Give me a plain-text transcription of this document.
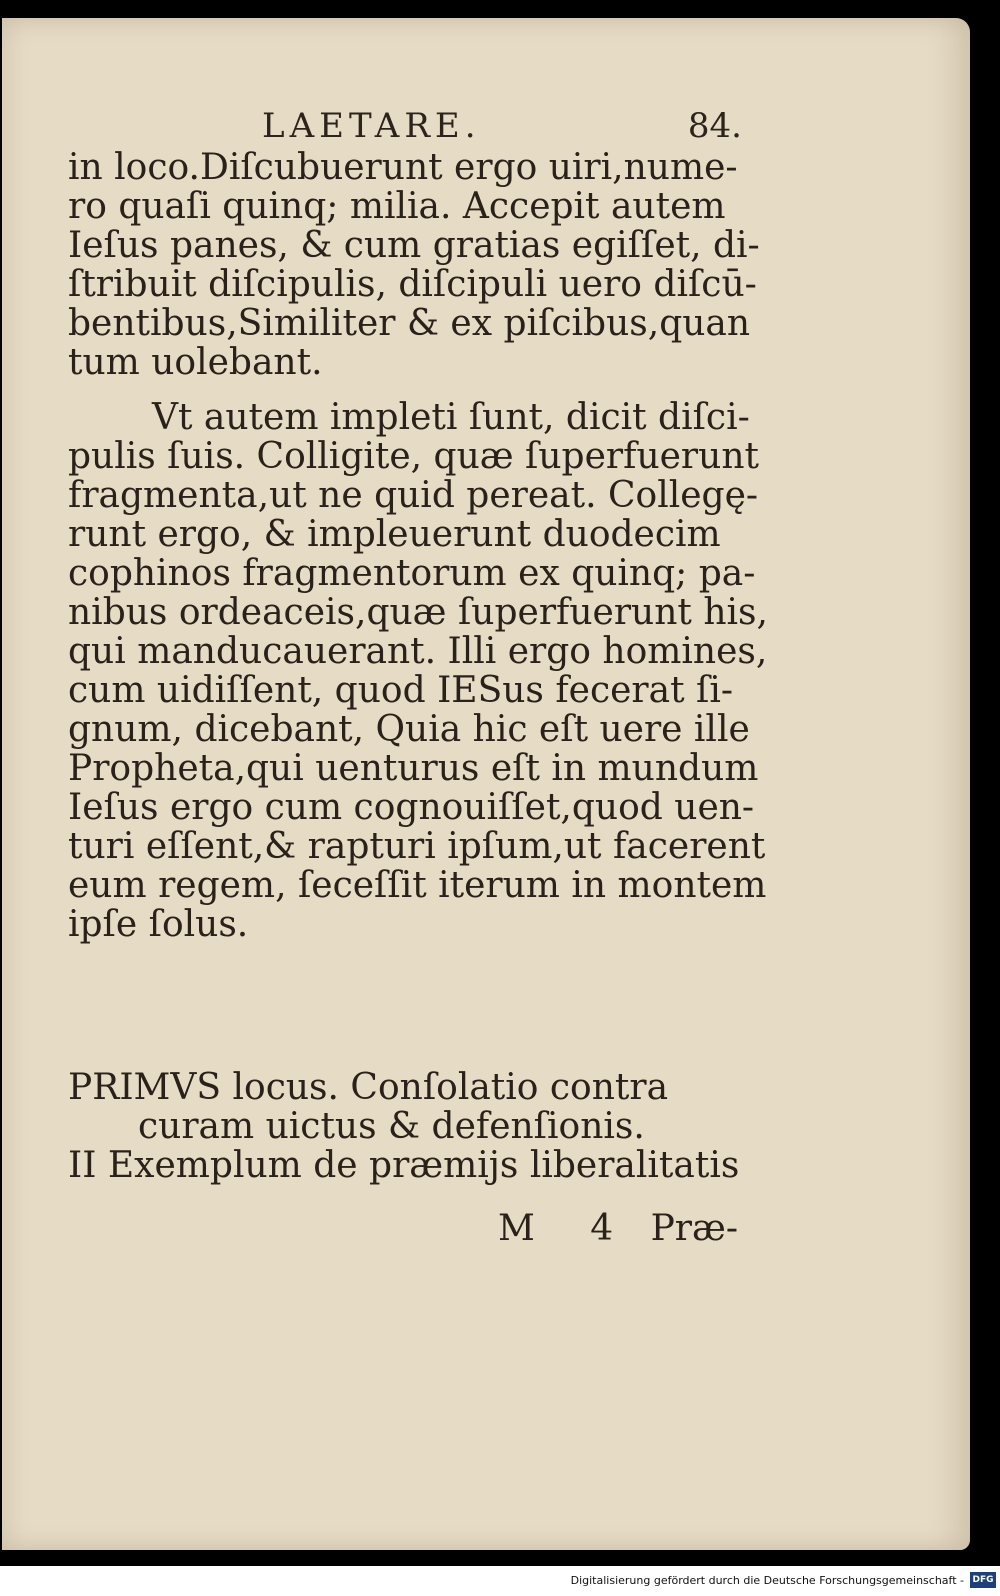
LAETARE.	84.
in loco.Diſcubuerunt ergo uiri,nume-
ro quaſi quinq; milia. Accepit autem
Ieſus panes, & cum gratias egiſſet, di-
ſtribuit diſcipulis, diſcipuli uero diſcū-
bentibus,Similiter & ex piſcibus,quan
tum uolebant.
Vt autem impleti ſunt, dicit diſci-
pulis ſuis. Colligite, quæ ſuperfuerunt
fragmenta,ut ne quid pereat. Collegę-
runt ergo, & impleuerunt duodecim
cophinos fragmentorum ex quinq; pa-
nibus ordeaceis,quæ ſuperfuerunt his,
qui manducauerant. Illi ergo homines,
cum uidiſſent, quod IESus fecerat ſi-
gnum, dicebant, Quia hic eſt uere ille
Propheta,qui uenturus eſt in mundum
Ieſus ergo cum cognouiſſet,quod uen-
turi eſſent,& rapturi ipſum,ut facerent
eum regem, ſeceſſit iterum in montem
ipſe ſolus.
PRIMVS locus. Conſolatio contra
curam uictus & defenſionis.
II Exemplum de præmijs liberalitatis
M 4 Præ-
Digitalisierung gefördert durch die Deutsche Forschungsgemeinschaft - DFG
